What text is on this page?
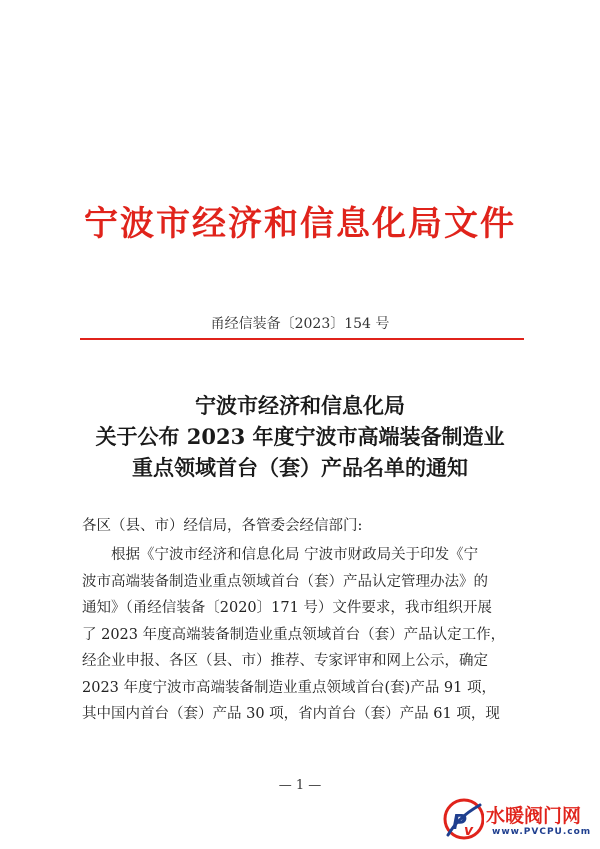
宁波市经济和信息化局文件
甬经信装备〔2023〕154 号
宁波市经济和信息化局
关于公布 2023 年度宁波市高端装备制造业
重点领域首台（套）产品名单的通知
各区（县、市）经信局，各管委会经信部门:
根据《宁波市经济和信息化局 宁波市财政局关于印发《宁
波市高端装备制造业重点领域首台（套）产品认定管理办法》的
通知》（甬经信装备〔2020〕171 号）文件要求，我市组织开展
了 2023 年度高端装备制造业重点领域首台（套）产品认定工作，
经企业申报、各区（县、市）推荐、专家评审和网上公示，确定
2023 年度宁波市高端装备制造业重点领域首台(套)产品 91 项，
其中国内首台（套）产品 30 项，省内首台（套）产品 61 项，现
— 1 —
P
v
水暖阀门网
www.PVCPU.com
